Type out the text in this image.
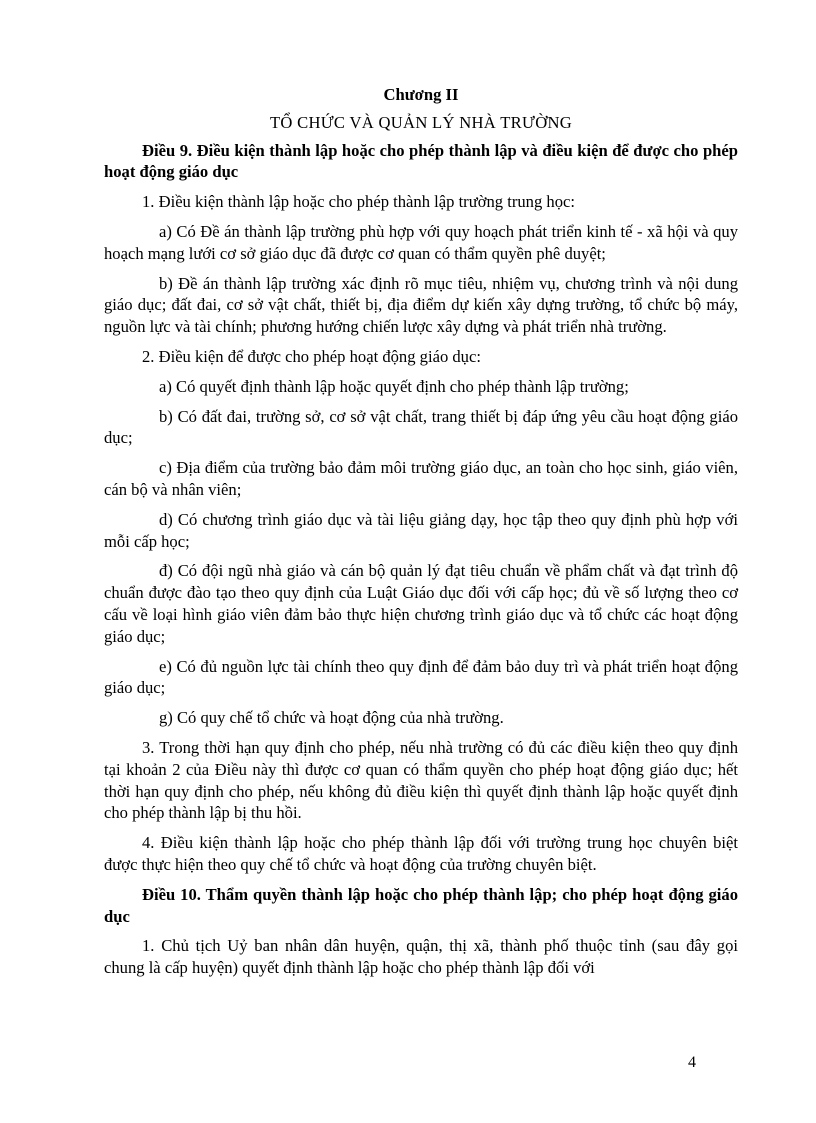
Chương II

TỔ CHỨC VÀ QUẢN LÝ NHÀ TRƯỜNG

Điều 9. Điều kiện thành lập hoặc cho phép thành lập và điều kiện để được cho phép hoạt động giáo dục

1. Điều kiện thành lập hoặc cho phép thành lập trường trung học:

a) Có Đề án thành lập trường phù hợp với quy hoạch phát triển kinh tế - xã hội và quy hoạch mạng lưới cơ sở giáo dục đã được cơ quan có thẩm quyền phê duyệt;

b) Đề án thành lập trường xác định rõ mục tiêu, nhiệm vụ, chương trình và nội dung giáo dục; đất đai, cơ sở vật chất, thiết bị, địa điểm dự kiến xây dựng trường, tổ chức bộ máy, nguồn lực và tài chính; phương hướng chiến lược xây dựng và phát triển nhà trường.

2. Điều kiện để được cho phép hoạt động giáo dục:

a) Có quyết định thành lập hoặc quyết định cho phép thành lập trường;

b) Có đất đai, trường sở, cơ sở vật chất, trang thiết bị đáp ứng yêu cầu hoạt động giáo dục;

c) Địa điểm của trường bảo đảm môi trường giáo dục, an toàn cho học sinh, giáo viên, cán bộ và nhân viên;

d) Có chương trình giáo dục và tài liệu giảng dạy, học tập theo quy định phù hợp với mỗi cấp học;

đ) Có đội ngũ nhà giáo và cán bộ quản lý đạt tiêu chuẩn về phẩm chất và đạt trình độ chuẩn được đào tạo theo quy định của Luật Giáo dục đối với cấp học; đủ về số lượng theo cơ cấu về loại hình giáo viên đảm bảo thực hiện chương trình giáo dục và tổ chức các hoạt động giáo dục;

e) Có đủ nguồn lực tài chính theo quy định để đảm bảo duy trì và phát triển hoạt động giáo dục;

g) Có quy chế tổ chức và hoạt động của nhà trường.

3. Trong thời hạn quy định cho phép, nếu nhà trường có đủ các điều kiện theo quy định tại khoản 2 của Điều này thì được cơ quan có thẩm quyền cho phép hoạt động giáo dục; hết thời hạn quy định cho phép, nếu không đủ điều kiện thì quyết định thành lập hoặc quyết định cho phép thành lập bị thu hồi.

4. Điều kiện thành lập hoặc cho phép thành lập đối với trường trung học chuyên biệt được thực hiện theo quy chế tổ chức và hoạt động của trường chuyên biệt.

Điều 10. Thẩm quyền thành lập hoặc cho phép thành lập; cho phép hoạt động giáo dục

1. Chủ tịch Uỷ ban nhân dân huyện, quận, thị xã, thành phố thuộc tỉnh (sau đây gọi chung là cấp huyện) quyết định thành lập hoặc cho phép thành lập đối với

4
